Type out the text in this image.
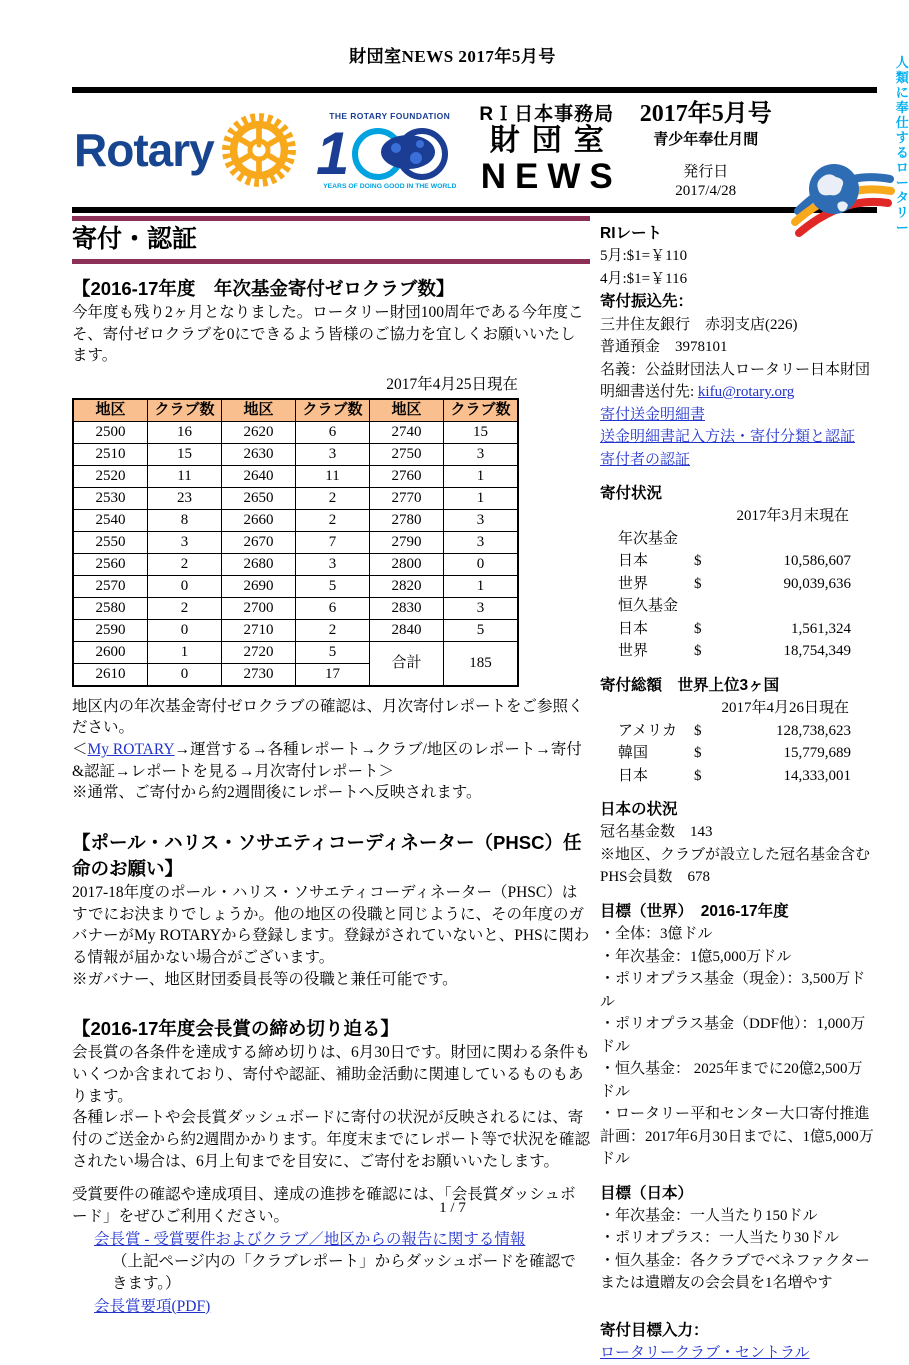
財団室NEWS 2017年5月号
Rotary
THE ROTARY FOUNDATION
1
YEARS OF DOING GOOD IN THE WORLD
RＩ日本事務局
財団室
NEWS
2017年5月号
青少年奉仕月間
発行日
2017/4/28
人類に
奉仕する
ロータリー
寄付・認証
【2016-17年度　年次基金寄付ゼロクラブ数】

今年度も残り2ヶ月となりました。ロータリー財団100周年である今年度こそ、寄付ゼロクラブを0にできるよう皆様のご協力を宜しくお願いいたします。

2017年4月25日現在
地区	クラブ数	地区	クラブ数	地区	クラブ数
2500	16	2620	6	2740	15
2510	15	2630	3	2750	3
2520	11	2640	11	2760	1
2530	23	2650	2	2770	1
2540	8	2660	2	2780	3
2550	3	2670	7	2790	3
2560	2	2680	3	2800	0
2570	0	2690	5	2820	1
2580	2	2700	6	2830	3
2590	0	2710	2	2840	5
2600	1	2720	5	合計	185
2610	0	2730	17		

地区内の年次基金寄付ゼロクラブの確認は、月次寄付レポートをご参照ください。

＜My ROTARY→運営する→各種レポート→クラブ/地区のレポート→寄付&認証→レポートを見る→月次寄付レポート＞

※通常、ご寄付から約2週間後にレポートへ反映されます。

【ポール・ハリス・ソサエティコーディネーター（PHSC）任命のお願い】

2017-18年度のポール・ハリス・ソサエティコーディネーター（PHSC）はすでにお決まりでしょうか。他の地区の役職と同じように、その年度のガバナーがMy ROTARYから登録します。登録がされていないと、PHSに関わる情報が届かない場合がございます。

※ガバナー、地区財団委員長等の役職と兼任可能です。

【2016-17年度会長賞の締め切り迫る】

会長賞の各条件を達成する締め切りは、6月30日です。財団に関わる条件もいくつか含まれており、寄付や認証、補助金活動に関連しているものもあります。

各種レポートや会長賞ダッシュボードに寄付の状況が反映されるには、寄付のご送金から約2週間かかります。年度末までにレポート等で状況を確認されたい場合は、6月上旬までを目安に、ご寄付をお願いいたします。

受賞要件の確認や達成項目、達成の進捗を確認には、「会長賞ダッシュボード」をぜひご利用ください。

会長賞 - 受賞要件およびクラブ／地区からの報告に関する情報
（上記ページ内の「クラブレポート」からダッシュボードを確認できます。）
会長賞要項(PDF)
RIレート
5月:$1=￥110
4月:$1=￥116
寄付振込先：
三井住友銀行　赤羽支店(226)
普通預金　3978101
名義：公益財団法人ロータリー日本財団
明細書送付先: kifu@rotary.org
寄付送金明細書
送金明細書記入方法・寄付分類と認証
寄付者の認証
寄付状況
2017年3月末現在
年次基金
日本	$	10,586,607
世界	$	90,039,636
恒久基金
日本	$	1,561,324
世界	$	18,754,349
寄付総額　世界上位3ヶ国
2017年4月26日現在
アメリカ	$	128,738,623
韓国	$	15,779,689
日本	$	14,333,001
日本の状況
冠名基金数　143
※地区、クラブが設立した冠名基金含む
PHS会員数　678
目標（世界）　2016-17年度
・全体：3億ドル
・年次基金：1億5,000万ドル
・ポリオプラス基金（現金）：3,500万ドル
・ポリオプラス基金（DDF他）：1,000万ドル
・恒久基金： 2025年までに20億2,500万ドル
・ロータリー平和センター大口寄付推進計画：2017年6月30日までに、1億5,000万ドル
目標（日本）
・年次基金：一人当たり150ドル
・ポリオプラス：一人当たり30ドル
・恒久基金：各クラブでベネファクターまたは遺贈友の会会員を1名増やす
寄付目標入力：
ロータリークラブ・セントラル
1 / 7
